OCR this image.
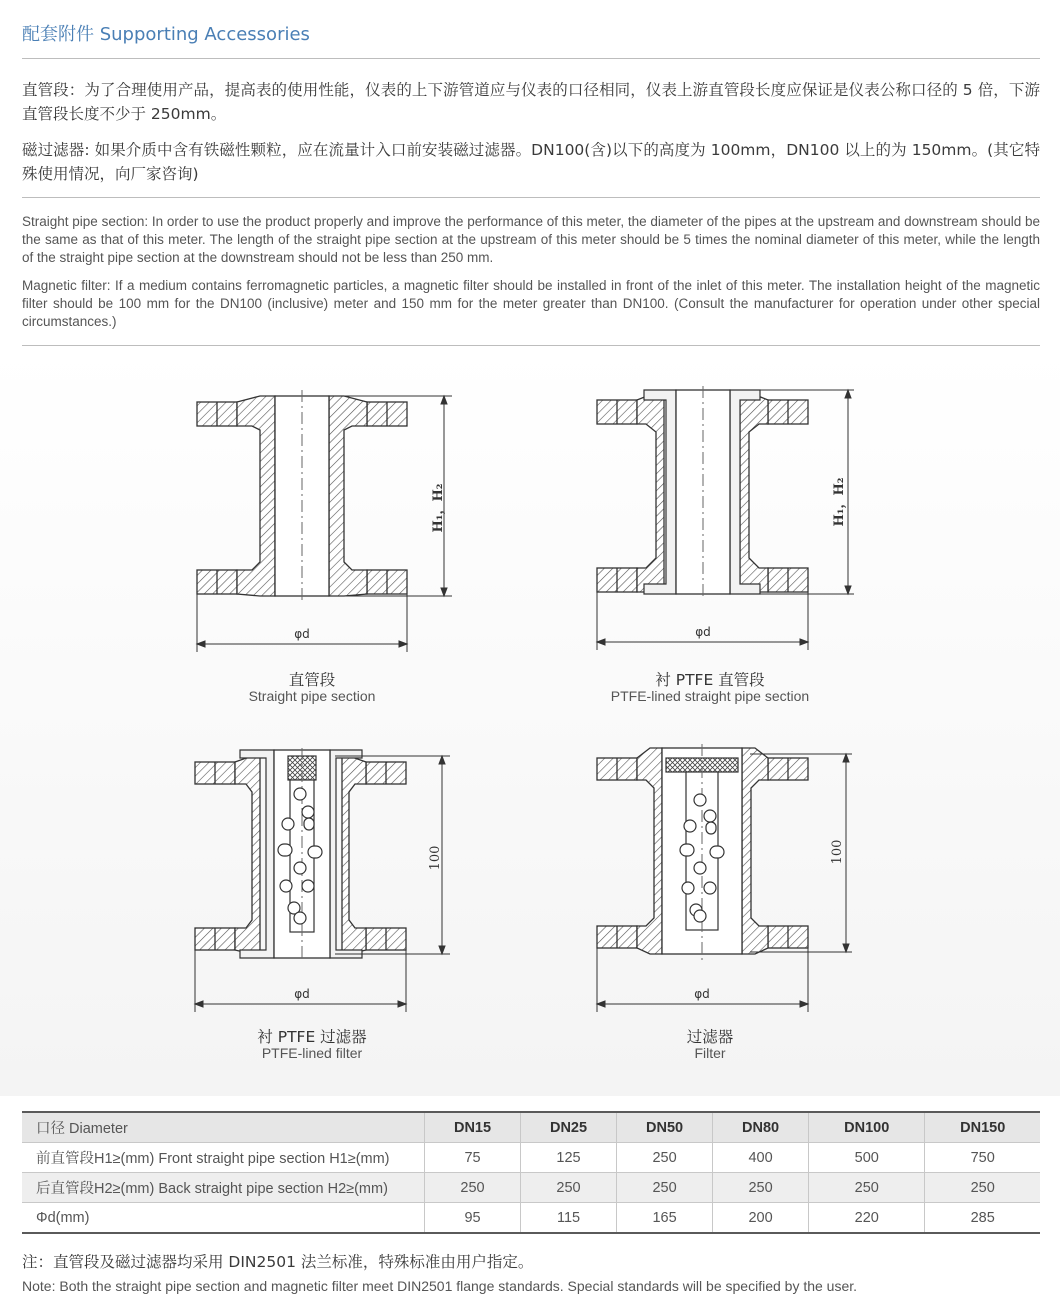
配套附件 Supporting Accessories
直管段：为了合理使用产品，提高表的使用性能，仪表的上下游管道应与仪表的口径相同，仪表上游直管段长度应保证是仪表公称口径的 5 倍，下游直管段长度不少于 250mm。
磁过滤器: 如果介质中含有铁磁性颗粒，应在流量计入口前安装磁过滤器。DN100(含)以下的高度为 100mm，DN100 以上的为 150mm。(其它特殊使用情况，向厂家咨询)
Straight pipe section: In order to use the product properly and improve the performance of this meter, the diameter of the pipes at the upstream and downstream should be the same as that of this meter. The length of the straight pipe section at the upstream of this meter should be 5 times the nominal diameter of this meter, while the length of the straight pipe section at the downstream should not be less than 250 mm.
Magnetic filter: If a medium contains ferromagnetic particles, a magnetic filter should be installed in front of the inlet of this meter. The installation height of the magnetic filter should be 100 mm for the DN100 (inclusive) meter and 150 mm for the meter greater than DN100. (Consult the manufacturer for operation under other special circumstances.)
H₁，H₂
φd
直管段
Straight pipe section
H₁，H₂
φd
衬 PTFE 直管段
PTFE-lined straight pipe section
100
φd
衬 PTFE 过滤器
PTFE-lined filter
100
φd
过滤器
Filter
口径 Diameter	DN15	DN25	DN50	DN80	DN100	DN150
前直管段H1≥(mm) Front straight pipe section H1≥(mm)	75	125	250	400	500	750
后直管段H2≥(mm) Back straight pipe section H2≥(mm)	250	250	250	250	250	250
Φd(mm)	95	115	165	200	220	285
注：直管段及磁过滤器均采用 DIN2501 法兰标准，特殊标准由用户指定。
Note: Both the straight pipe section and magnetic filter meet DIN2501 flange standards. Special standards will be specified by the user.
